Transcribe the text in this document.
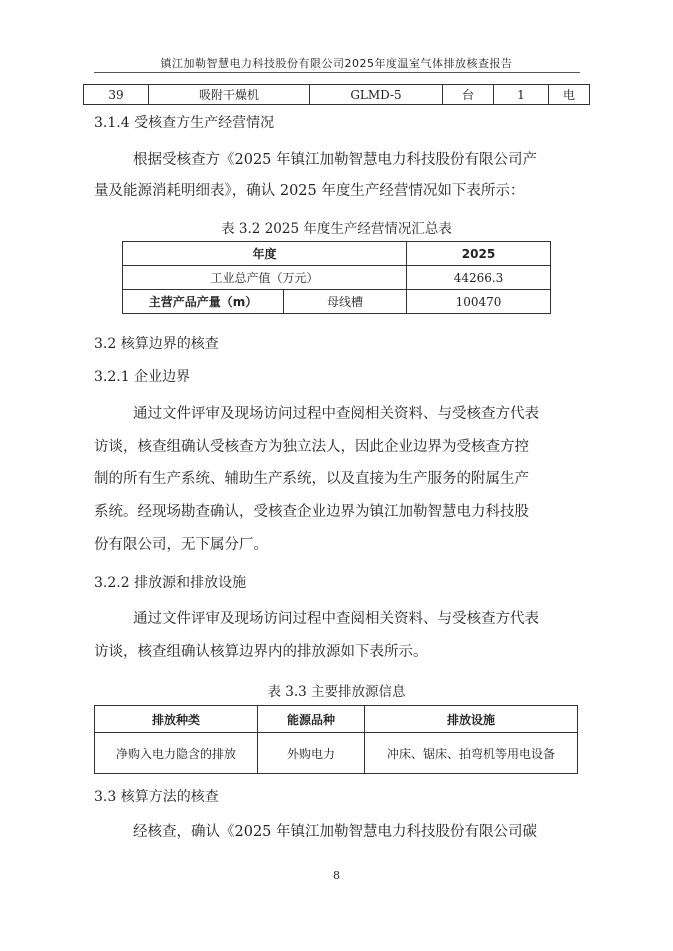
镇江加勒智慧电力科技股份有限公司2025年度温室气体排放核查报告
39	吸附干燥机	GLMD-5	台	1	电
3.1.4 受核查方生产经营情况
根据受核查方《2025 年镇江加勒智慧电力科技股份有限公司产
量及能源消耗明细表》，确认 2025 年度生产经营情况如下表所示：
表 3.2 2025 年度生产经营情况汇总表
年度		2025
工业总产值（万元）		44266.3
主营产品产量（m）	母线槽	100470
3.2 核算边界的核查
3.2.1 企业边界
通过文件评审及现场访问过程中查阅相关资料、与受核查方代表
访谈，核查组确认受核查方为独立法人，因此企业边界为受核查方控
制的所有生产系统、辅助生产系统，以及直接为生产服务的附属生产
系统。经现场勘查确认，受核查企业边界为镇江加勒智慧电力科技股
份有限公司，无下属分厂。
3.2.2 排放源和排放设施
通过文件评审及现场访问过程中查阅相关资料、与受核查方代表
访谈，核查组确认核算边界内的排放源如下表所示。
表 3.3 主要排放源信息
排放种类	能源品种	排放设施
净购入电力隐含的排放	外购电力	冲床、锯床、拍弯机等用电设备
3.3 核算方法的核查
经核查，确认《2025 年镇江加勒智慧电力科技股份有限公司碳
8
